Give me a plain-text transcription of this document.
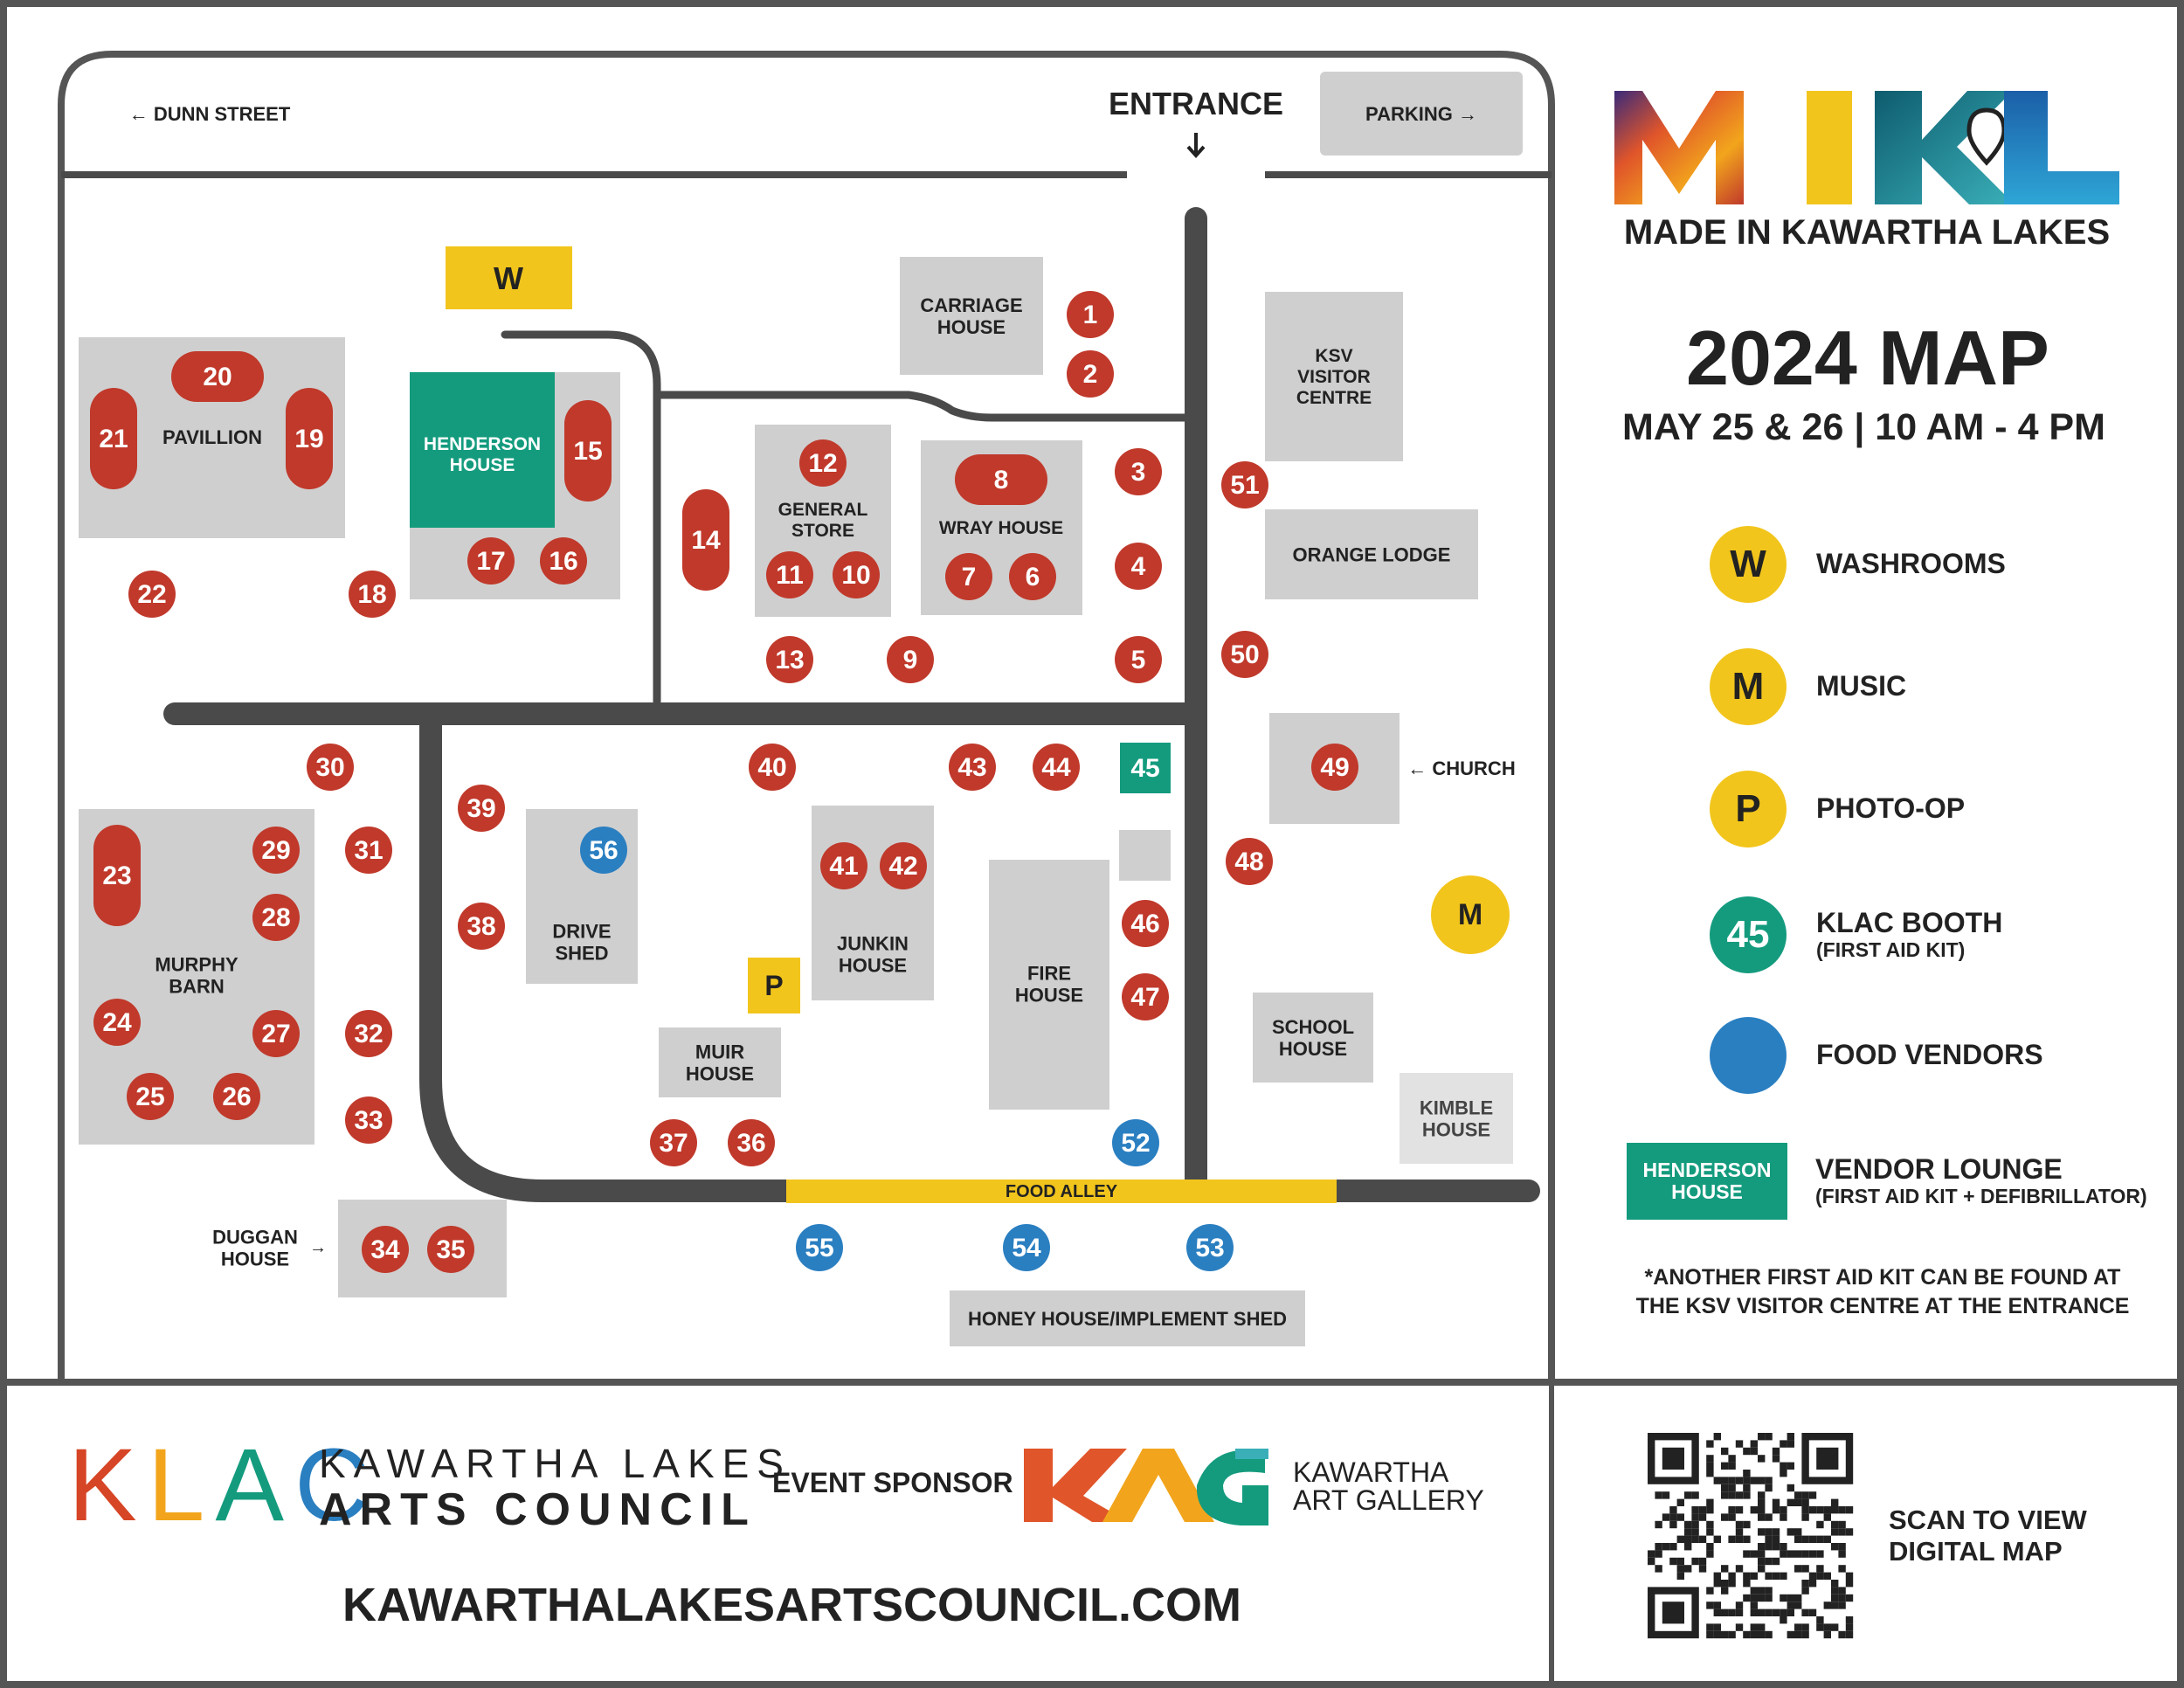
FOOD ALLEY
CARRIAGE HOUSE
KSV VISITOR CENTRE
PAVILLION	HENDERSON HOUSE
GENERAL STORE	WRAY HOUSE
ORANGE LODGE
MURPHY BARN
DRIVE SHED	JUNKIN HOUSE	FIRE HOUSE
MUIR HOUSE
SCHOOL HOUSE
KIMBLE HOUSE
HONEY HOUSE/IMPLEMENT SHED
1
2
3
4
5
6
7
8
9
10
11
12
13
14
15
16
17
18
19
20
21
22
23
24
25 26
27
28
29
30
31
32
33
34 35
36
37
38
39
40
41 42
43 44 45
46
47
48
49
50
51
52
53
54
55
56
W
P
M
ENTRANCE
← DUNN STREET	PARKING →
← CHURCH
DUGGAN HOUSE
→
MADE IN KAWARTHA LAKES
2024 MAP
MAY 25 & 26 | 10 AM - 4 PM
W	WASHROOMS
M	MUSIC
P	PHOTO-OP
45	KLAC BOOTH
(FIRST AID KIT)
FOOD VENDORS
HENDERSON
HOUSE
VENDOR LOUNGE
(FIRST AID KIT + DEFIBRILLATOR)
*ANOTHER FIRST AID KIT CAN BE FOUND AT
THE KSV VISITOR CENTRE AT THE ENTRANCE
K L A C
KAWARTHA LAKES
ARTS COUNCIL
EVENT SPONSOR	KAWARTHA
ART GALLERY
KAWARTHALAKESARTSCOUNCIL.COM
SCAN TO VIEW
DIGITAL MAP
